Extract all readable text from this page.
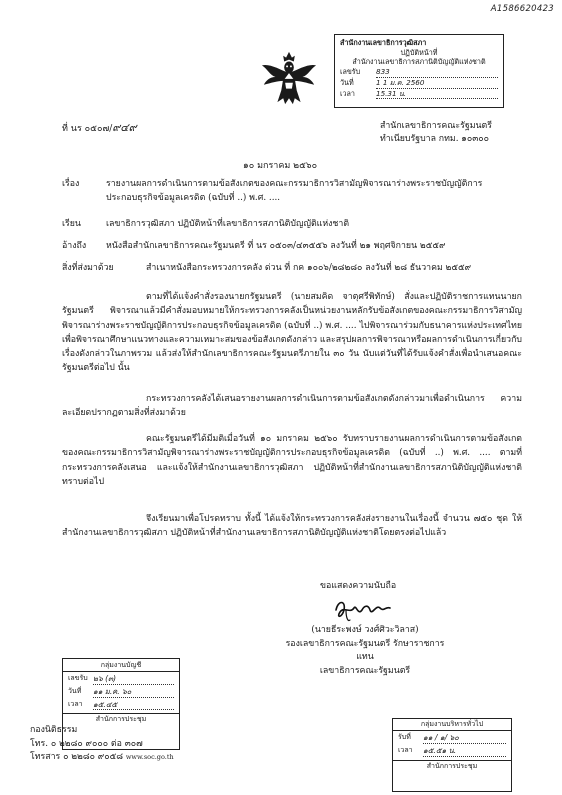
A1586620423
สำนักงานเลขาธิการวุฒิสภา
ปฏิบัติหน้าที่
สำนักงานเลขาธิการสภานิติบัญญัติแห่งชาติ
เลขรับ	833
วันที่	1 1 ม.ค. 2560
เวลา	15.31 น.
ที่ นร ๐๕๐๗/๙๔๙	สำนักเลขาธิการคณะรัฐมนตรี
ทำเนียบรัฐบาล กทม. ๑๐๓๐๐
๑๐ มกราคม ๒๕๖๐
เรื่อง	รายงานผลการดำเนินการตามข้อสังเกตของคณะกรรมาธิการวิสามัญพิจารณาร่างพระราชบัญญัติการประกอบธุรกิจข้อมูลเครดิต (ฉบับที่ ..) พ.ศ. ....
เรียน	เลขาธิการวุฒิสภา ปฏิบัติหน้าที่เลขาธิการสภานิติบัญญัติแห่งชาติ
อ้างถึง	หนังสือสำนักเลขาธิการคณะรัฐมนตรี ที่ นร ๐๕๐๓/๔๓๕๕๖ ลงวันที่ ๒๑ พฤศจิกายน ๒๕๕๙
สิ่งที่ส่งมาด้วย	สำเนาหนังสือกระทรวงการคลัง ด่วน ที่ กค ๑๐๐๖/๒๘๒๘๐ ลงวันที่ ๒๘ ธันวาคม ๒๕๕๙
ตามที่ได้แจ้งคำสั่งรองนายกรัฐมนตรี (นายสมคิด จาตุศรีพิทักษ์) สั่งและปฏิบัติราชการแทนนายกรัฐมนตรี พิจารณาแล้วมีคำสั่งมอบหมายให้กระทรวงการคลังเป็นหน่วยงานหลักรับข้อสังเกตของคณะกรรมาธิการวิสามัญพิจารณาร่างพระราชบัญญัติการประกอบธุรกิจข้อมูลเครดิต (ฉบับที่ ..) พ.ศ. .... ไปพิจารณาร่วมกับธนาคารแห่งประเทศไทยเพื่อพิจารณาศึกษาแนวทางและความเหมาะสมของข้อสังเกตดังกล่าว และสรุปผลการพิจารณาหรือผลการดำเนินการเกี่ยวกับเรื่องดังกล่าวในภาพรวม แล้วส่งให้สำนักเลขาธิการคณะรัฐมนตรีภายใน ๓๐ วัน นับแต่วันที่ได้รับแจ้งคำสั่งเพื่อนำเสนอคณะรัฐมนตรีต่อไป นั้น
กระทรวงการคลังได้เสนอรายงานผลการดำเนินการตามข้อสังเกตดังกล่าวมาเพื่อดำเนินการ ความละเอียดปรากฏตามสิ่งที่ส่งมาด้วย
คณะรัฐมนตรีได้มีมติเมื่อวันที่ ๑๐ มกราคม ๒๕๖๐ รับทราบรายงานผลการดำเนินการตามข้อสังเกตของคณะกรรมาธิการวิสามัญพิจารณาร่างพระราชบัญญัติการประกอบธุรกิจข้อมูลเครดิต (ฉบับที่ ..) พ.ศ. .... ตามที่กระทรวงการคลังเสนอ และแจ้งให้สำนักงานเลขาธิการวุฒิสภา ปฏิบัติหน้าที่สำนักงานเลขาธิการสภานิติบัญญัติแห่งชาติทราบต่อไป
จึงเรียนมาเพื่อโปรดทราบ ทั้งนี้ ได้แจ้งให้กระทรวงการคลังส่งรายงานในเรื่องนี้ จำนวน ๗๕๐ ชุด ให้สำนักงานเลขาธิการวุฒิสภา ปฏิบัติหน้าที่สำนักงานเลขาธิการสภานิติบัญญัติแห่งชาติโดยตรงต่อไปแล้ว
ขอแสดงความนับถือ
(นายธีระพงษ์ วงศ์ศิวะวิลาส)
รองเลขาธิการคณะรัฐมนตรี รักษาราชการแทน
เลขาธิการคณะรัฐมนตรี
กลุ่มงานบัญชี
เลขรับ ๒๖ (๓)
วันที่	๑๑ ม.ค. ๖๐
เวลา	๑๕.๔๕
สำนักการประชุม
กลุ่มงานบริหารทั่วไป
รับที่	๑๑ / ๑/ ๖๐
เวลา	๑๕.๕๑ น.
สำนักการประชุม
กองนิติธรรม
โทร. ๐ ๒๒๘๐ ๙๐๐๐ ต่อ ๓๐๗
โทรสาร ๐ ๒๒๘๐ ๙๐๕๘ www.soc.go.th
